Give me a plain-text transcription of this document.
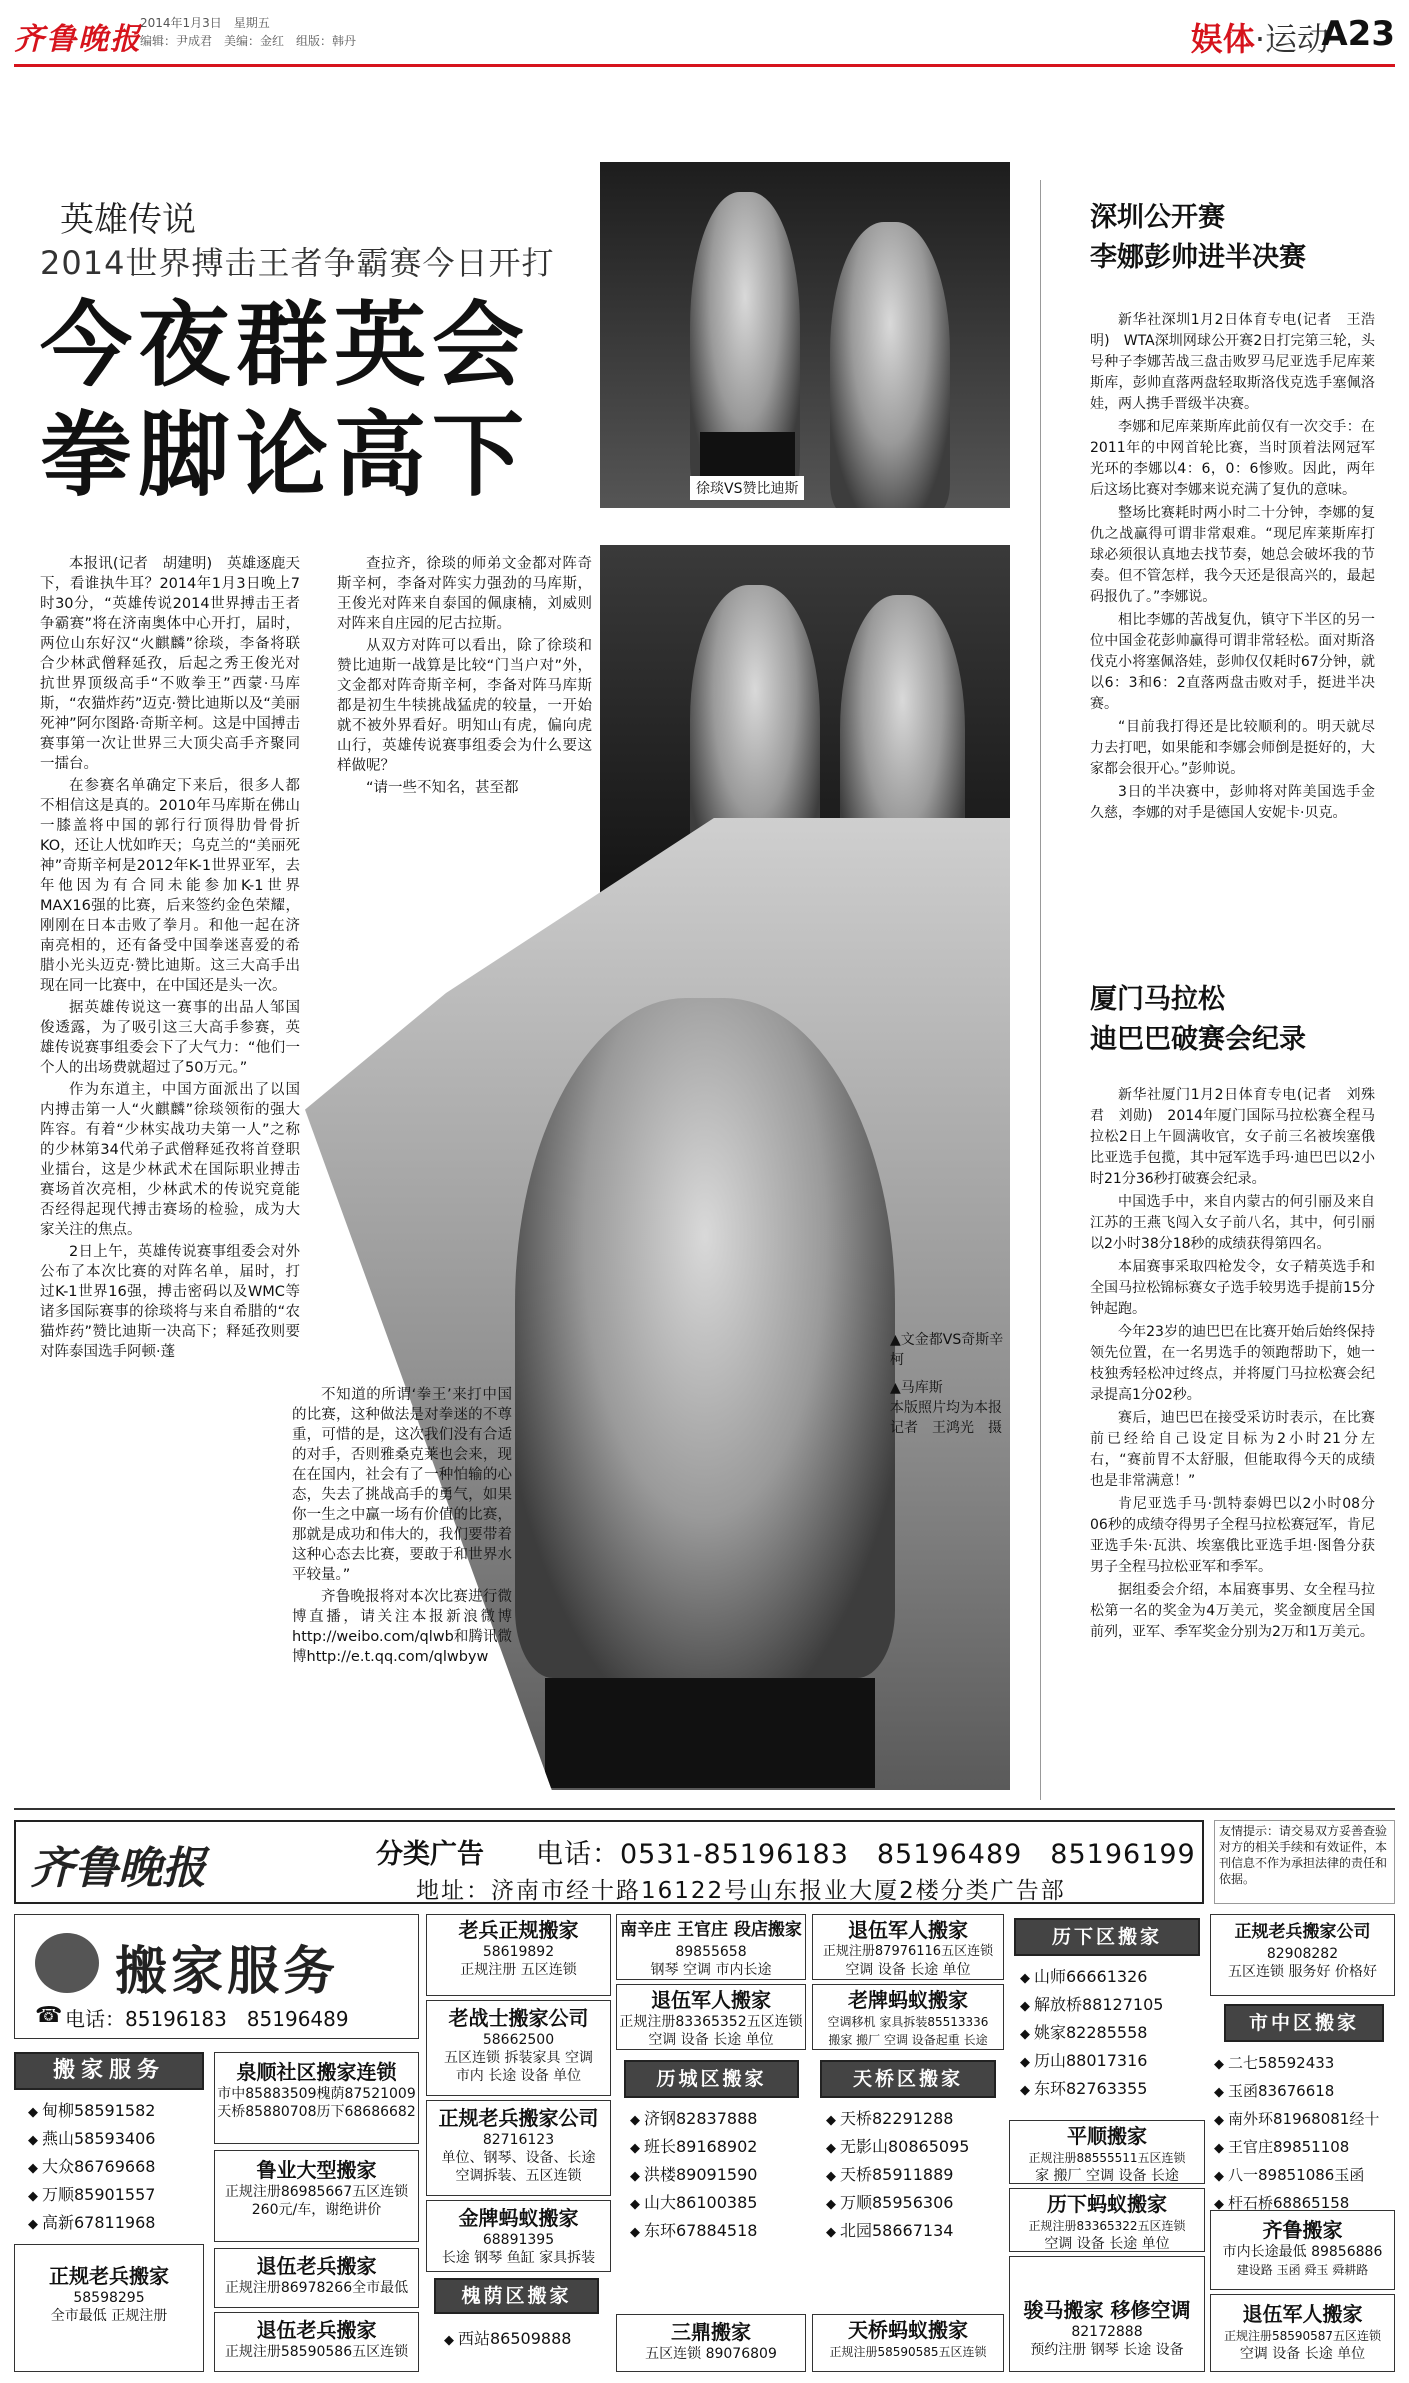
齐鲁晚报
2014年1月3日　星期五
编辑：尹成君　美编：金红　组版：韩丹	娱体·运动
A23
英雄传说
2014世界搏击王者争霸赛今日开打
今夜群英会
拳脚论高下	徐琰VS赞比迪斯
▲文金都VS奇斯辛柯
▲马库斯
本版照片均为本报记者　王鸿光　摄

本报讯(记者　胡建明)　英雄逐鹿天下，看谁执牛耳？2014年1月3日晚上7时30分，“英雄传说2014世界搏击王者争霸赛”将在济南奥体中心开打，届时，两位山东好汉“火麒麟”徐琰，李备将联合少林武僧释延孜，后起之秀王俊光对抗世界顶级高手“不败拳王”西蒙·马库斯，“农猫炸药”迈克·赞比迪斯以及“美丽死神”阿尔图路·奇斯辛柯。这是中国搏击赛事第一次让世界三大顶尖高手齐聚同一擂台。

在参赛名单确定下来后，很多人都不相信这是真的。2010年马库斯在佛山一膝盖将中国的郭行行顶得肋骨骨折KO，还让人忧如昨天；乌克兰的“美丽死神”奇斯辛柯是2012年K-1世界亚军，去年他因为有合同未能参加K-1世界MAX16强的比赛，后来签约金色荣耀，刚刚在日本击败了拳月。和他一起在济南亮相的，还有备受中国拳迷喜爱的希腊小光头迈克·赞比迪斯。这三大高手出现在同一比赛中，在中国还是头一次。

据英雄传说这一赛事的出品人邹国俊透露，为了吸引这三大高手参赛，英雄传说赛事组委会下了大气力：“他们一个人的出场费就超过了50万元。”

作为东道主，中国方面派出了以国内搏击第一人“火麒麟”徐琰领衔的强大阵容。有着“少林实战功夫第一人”之称的少林第34代弟子武僧释延孜将首登职业擂台，这是少林武术在国际职业搏击赛场首次亮相，少林武术的传说究竟能否经得起现代搏击赛场的检验，成为大家关注的焦点。

2日上午，英雄传说赛事组委会对外公布了本次比赛的对阵名单，届时，打过K-1世界16强，搏击密码以及WMC等诸多国际赛事的徐琰将与来自希腊的“农猫炸药”赞比迪斯一决高下；释延孜则要对阵泰国选手阿顿·蓬

查拉齐，徐琰的师弟文金都对阵奇斯辛柯，李备对阵实力强劲的马库斯，王俊光对阵来自泰国的佩康楠，刘威则对阵来自庄园的尼古拉斯。

从双方对阵可以看出，除了徐琰和赞比迪斯一战算是比较“门当户对”外，文金都对阵奇斯辛柯，李备对阵马库斯都是初生牛犊挑战猛虎的较量，一开始就不被外界看好。明知山有虎，偏向虎山行，英雄传说赛事组委会为什么要这样做呢？

“请一些不知名，甚至都

不知道的所谓‘拳王’来打中国的比赛，这种做法是对拳迷的不尊重，可惜的是，这次我们没有合适的对手，否则雅桑克莱也会来，现在在国内，社会有了一种怕输的心态，失去了挑战高手的勇气，如果你一生之中赢一场有价值的比赛，那就是成功和伟大的，我们要带着这种心态去比赛，要敢于和世界水平较量。”

齐鲁晚报将对本次比赛进行微博直播，请关注本报新浪微博http://weibo.com/qlwb和腾讯微博http://e.t.qq.com/qlwbyw

深圳公开赛
李娜彭帅进半决赛

新华社深圳1月2日体育专电(记者　王浩明)　WTA深圳网球公开赛2日打完第三轮，头号种子李娜苦战三盘击败罗马尼亚选手尼库莱斯库，彭帅直落两盘轻取斯洛伐克选手塞佩洛娃，两人携手晋级半决赛。

李娜和尼库莱斯库此前仅有一次交手：在2011年的中网首轮比赛，当时顶着法网冠军光环的李娜以4：6，0：6惨败。因此，两年后这场比赛对李娜来说充满了复仇的意味。

整场比赛耗时两小时二十分钟，李娜的复仇之战赢得可谓非常艰难。“现尼库莱斯库打球必须很认真地去找节奏，她总会破坏我的节奏。但不管怎样，我今天还是很高兴的，最起码报仇了。”李娜说。

相比李娜的苦战复仇，镇守下半区的另一位中国金花彭帅赢得可谓非常轻松。面对斯洛伐克小将塞佩洛娃，彭帅仅仅耗时67分钟，就以6：3和6：2直落两盘击败对手，挺进半决赛。

“目前我打得还是比较顺利的。明天就尽力去打吧，如果能和李娜会师倒是挺好的，大家都会很开心。”彭帅说。

3日的半决赛中，彭帅将对阵美国选手金久慈，李娜的对手是德国人安妮卡·贝克。

厦门马拉松
迪巴巴破赛会纪录

新华社厦门1月2日体育专电(记者　刘殊君　刘勋)　2014年厦门国际马拉松赛全程马拉松2日上午圆满收官，女子前三名被埃塞俄比亚选手包揽，其中冠军选手玛·迪巴巴以2小时21分36秒打破赛会纪录。

中国选手中，来自内蒙古的何引丽及来自江苏的王燕飞闯入女子前八名，其中，何引丽以2小时38分18秒的成绩获得第四名。

本届赛事采取四枪发令，女子精英选手和全国马拉松锦标赛女子选手较男选手提前15分钟起跑。

今年23岁的迪巴巴在比赛开始后始终保持领先位置，在一名男选手的领跑帮助下，她一枝独秀轻松冲过终点，并将厦门马拉松赛会纪录提高1分02秒。

赛后，迪巴巴在接受采访时表示，在比赛前已经给自己设定目标为2小时21分左右，“赛前胃不太舒服，但能取得今天的成绩也是非常满意！”

肯尼亚选手马·凯特泰姆巴以2小时08分06秒的成绩夺得男子全程马拉松赛冠军，肯尼亚选手朱·瓦洪、埃塞俄比亚选手坦·图鲁分获男子全程马拉松亚军和季军。

据组委会介绍，本届赛事男、女全程马拉松第一名的奖金为4万美元，奖金额度居全国前列，亚军、季军奖金分别为2万和1万美元。

齐鲁晚报	分类广告 电话：0531-85196183　85196489　85196199
地址：济南市经十路16122号山东报业大厦2楼分类广告部
友情提示：请交易双方妥善查验对方的相关手续和有效证件，本刊信息不作为承担法律的责任和依据。
搬家服务
☎ 电话：85196183　85196489
搬家服务
◆ 甸柳58591582
◆ 燕山58593406
◆ 大众86769668
◆ 万顺85901557
◆ 高新67811968
正规老兵搬家
58598295
全市最低 正规注册
泉顺社区搬家连锁
市中85883509槐荫87521009
天桥85880708历下68686682
鲁业大型搬家
正规注册86985667五区连锁
260元/车，谢绝讲价
退伍老兵搬家
正规注册86978266全市最低
退伍老兵搬家
正规注册58590586五区连锁
老兵正规搬家
58619892
正规注册 五区连锁
老战士搬家公司
58662500
五区连锁 拆装家具 空调
市内 长途 设备 单位
正规老兵搬家公司
82716123
单位、钢琴、设备、长途
空调拆装、五区连锁
金牌蚂蚁搬家
68891395
长途 钢琴 鱼缸 家具拆装
槐荫区搬家
◆ 西站86509888
南辛庄 王官庄 段店搬家
89855658
钢琴 空调 市内长途
退伍军人搬家
正规注册83365352五区连锁
空调 设备 长途 单位
历城区搬家
◆ 济钢82837888
◆ 班长89168902
◆ 洪楼89091590
◆ 山大86100385
◆ 东环67884518
三鼎搬家
五区连锁 89076809
退伍军人搬家
正规注册87976116五区连锁
空调 设备 长途 单位
老牌蚂蚁搬家
空调移机 家具拆装85513336
搬家 搬厂 空调 设备起重 长途
天桥区搬家
◆ 天桥82291288
◆ 无影山80865095
◆ 天桥85911889
◆ 万顺85956306
◆ 北园58667134
天桥蚂蚁搬家
正规注册58590585五区连锁
历下区搬家
◆ 山师66661326
◆ 解放桥88127105
◆ 姚家82285558
◆ 历山88017316
◆ 东环82763355
平顺搬家
正规注册88555511五区连锁
家 搬厂 空调 设备 长途
历下蚂蚁搬家
正规注册83365322五区连锁
空调 设备 长途 单位
骏马搬家 移修空调
82172888
预约注册 钢琴 长途 设备
正规老兵搬家公司
82908282
五区连锁 服务好 价格好
市中区搬家
◆ 二七58592433
◆ 玉函83676618
◆ 南外环81968081经十
◆ 王官庄89851108
◆ 八一89851086玉函
◆ 杆石桥68865158
齐鲁搬家
市内长途最低 89856886
建设路 玉函 舜玉 舜耕路
退伍军人搬家
正规注册58590587五区连锁
空调 设备 长途 单位
